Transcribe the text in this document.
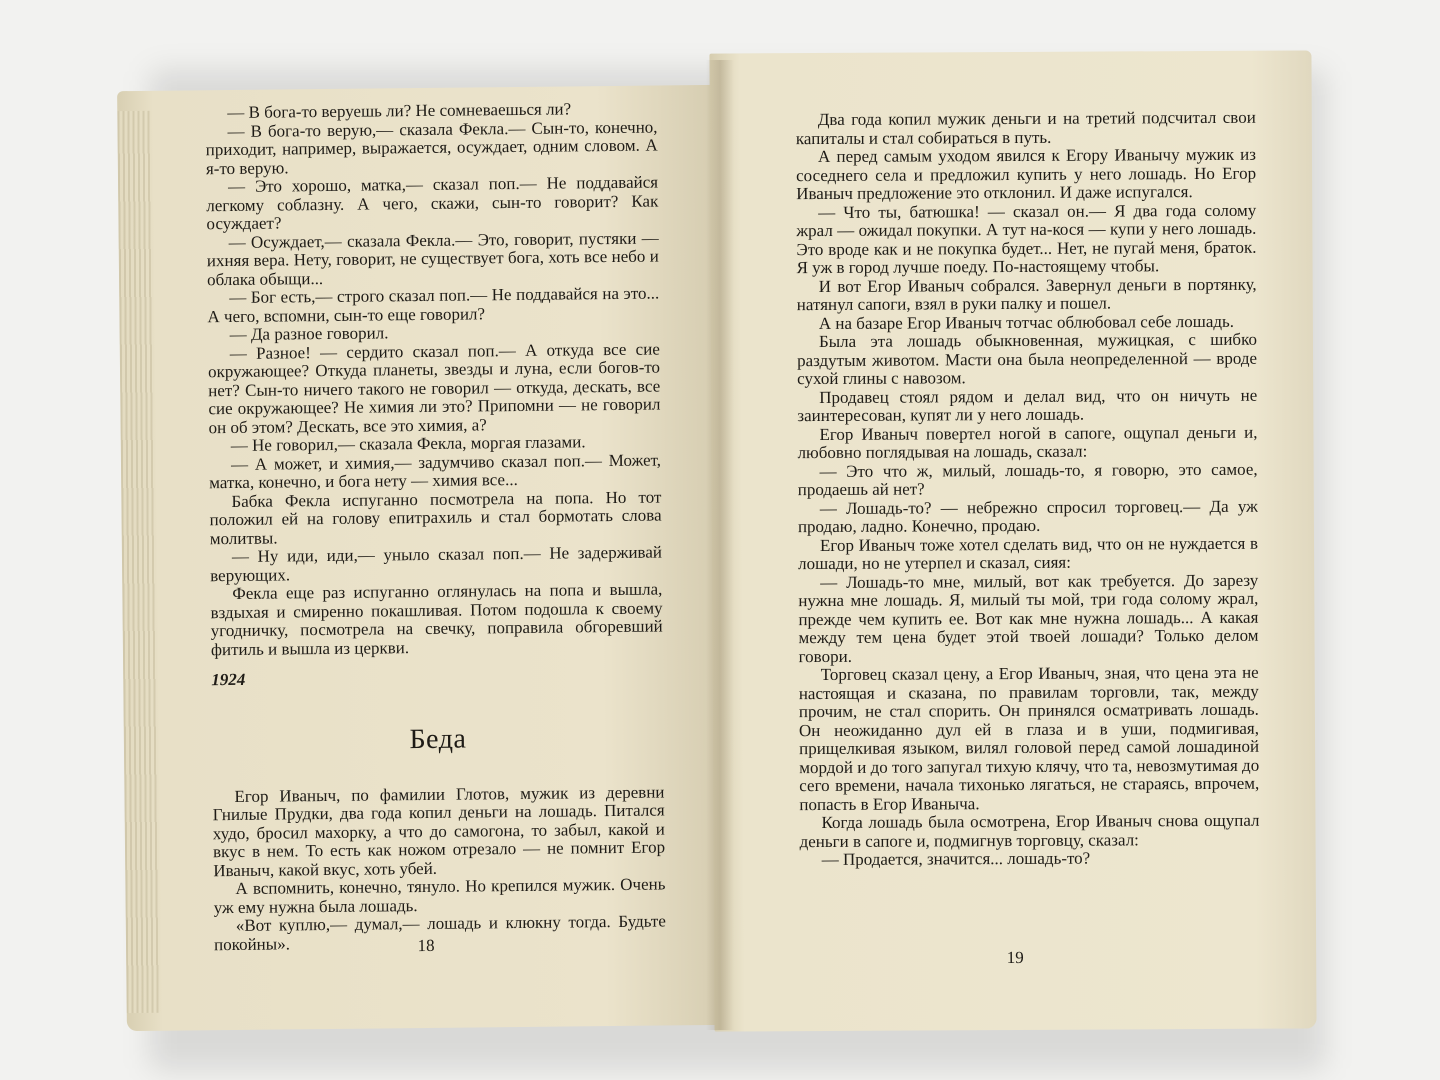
— В бога-то веруешь ли? Не сомневаешься ли?

— В бога-то верую,— сказала Фекла.— Сын-то, конечно, приходит, например, выражается, осуждает, одним словом. А я-то верую.

— Это хорошо, матка,— сказал поп.— Не поддавайся легкому соблазну. А чего, скажи, сын-то говорит? Как осуждает?

— Осуждает,— сказала Фекла.— Это, говорит, пустяки — ихняя вера. Нету, говорит, не существует бога, хоть все небо и облака обыщи...

— Бог есть,— строго сказал поп.— Не поддавайся на это... А чего, вспомни, сын-то еще говорил?

— Да разное говорил.

— Разное! — сердито сказал поп.— А откуда все сие окружающее? Откуда планеты, звезды и луна, если богов-то нет? Сын-то ничего такого не говорил — откуда, дескать, все сие окружающее? Не химия ли это? Припомни — не говорил он об этом? Дескать, все это химия, а?

— Не говорил,— сказала Фекла, моргая глазами.

— А может, и химия,— задумчиво сказал поп.— Может, матка, конечно, и бога нету — химия все...

Бабка Фекла испуганно посмотрела на попа. Но тот положил ей на голову епитрахиль и стал бормотать слова молитвы.

— Ну иди, иди,— уныло сказал поп.— Не задерживай верующих.

Фекла еще раз испуганно оглянулась на попа и вышла, вздыхая и смиренно покашливая. Потом подошла к своему угодничку, посмотрела на свечку, поправила обгоревший фитиль и вышла из церкви.

1924

Беда

Егор Иваныч, по фамилии Глотов, мужик из деревни Гнилые Прудки, два года копил деньги на лошадь. Питался худо, бросил махорку, а что до самогона, то забыл, какой и вкус в нем. То есть как ножом отрезало — не помнит Егор Иваныч, какой вкус, хоть убей.

А вспомнить, конечно, тянуло. Но крепился мужик. Очень уж ему нужна была лошадь.

«Вот куплю,— думал,— лошадь и клюкну тогда. Будьте покойны».	18

Два года копил мужик деньги и на третий подсчитал свои капиталы и стал собираться в путь.

А перед самым уходом явился к Егору Иванычу мужик из соседнего села и предложил купить у него лошадь. Но Егор Иваныч предложение это отклонил. И даже испугался.

— Что ты, батюшка! — сказал он.— Я два года солому жрал — ожидал покупки. А тут на-кося — купи у него лошадь. Это вроде как и не покупка будет... Нет, не пугай меня, браток. Я уж в город лучше поеду. По-настоящему чтобы.

И вот Егор Иваныч собрался. Завернул деньги в портянку, натянул сапоги, взял в руки палку и пошел.

А на базаре Егор Иваныч тотчас облюбовал себе лошадь.

Была эта лошадь обыкновенная, мужицкая, с шибко раздутым животом. Масти она была неопределенной — вроде сухой глины с навозом.

Продавец стоял рядом и делал вид, что он ничуть не заинтересован, купят ли у него лошадь.

Егор Иваныч повертел ногой в сапоге, ощупал деньги и, любовно поглядывая на лошадь, сказал:

— Это что ж, милый, лошадь-то, я говорю, это самое, продаешь ай нет?

— Лошадь-то? — небрежно спросил торговец.— Да уж продаю, ладно. Конечно, продаю.

Егор Иваныч тоже хотел сделать вид, что он не нуждается в лошади, но не утерпел и сказал, сияя:

— Лошадь-то мне, милый, вот как требуется. До зарезу нужна мне лошадь. Я, милый ты мой, три года солому жрал, прежде чем купить ее. Вот как мне нужна лошадь... А какая между тем цена будет этой твоей лошади? Только делом говори.

Торговец сказал цену, а Егор Иваныч, зная, что цена эта не настоящая и сказана, по правилам торговли, так, между прочим, не стал спорить. Он принялся осматривать лошадь. Он неожиданно дул ей в глаза и в уши, подмигивая, прищелкивая языком, вилял головой перед самой лошадиной мордой и до того запугал тихую клячу, что та, невозмутимая до сего времени, начала тихонько лягаться, не стараясь, впрочем, попасть в Егор Иваныча.

Когда лошадь была осмотрена, Егор Иваныч снова ощупал деньги в сапоге и, подмигнув торговцу, сказал:

— Продается, значится... лошадь-то?

19
